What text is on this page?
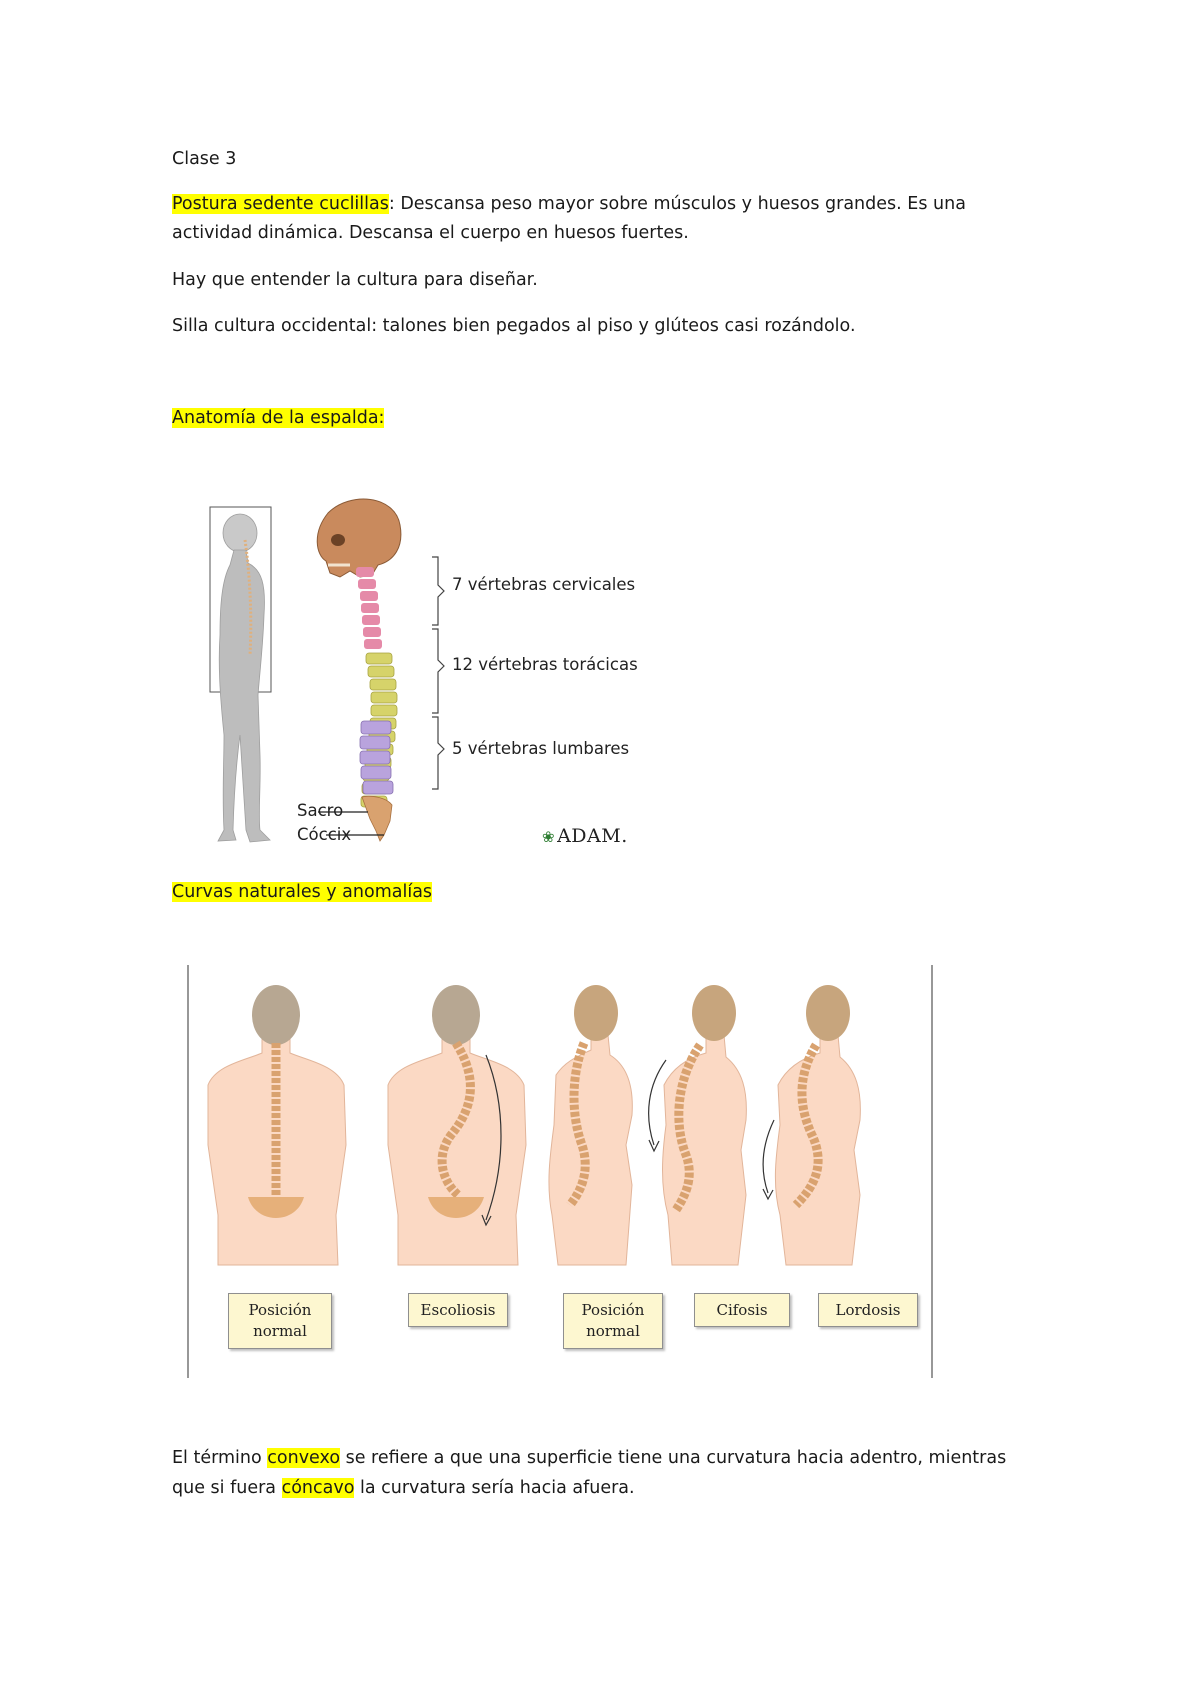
Clase 3
Postura sedente cuclillas: Descansa peso mayor sobre músculos y huesos grandes. Es una
actividad dinámica. Descansa el cuerpo en huesos fuertes.
Hay que entender la cultura para diseñar.
Silla cultura occidental: talones bien pegados al piso y glúteos casi rozándolo.
Anatomía de la espalda:
7 vértebras cervicales
12 vértebras torácicas
5 vértebras lumbares
Sacro
Cóccix	❀ ADAM.
Curvas naturales y anomalías
Posición
normal
Escoliosis	Posición
normal
Cifosis	Lordosis
El término convexo se refiere a que una superficie tiene una curvatura hacia adentro, mientras
que si fuera cóncavo la curvatura sería hacia afuera.
